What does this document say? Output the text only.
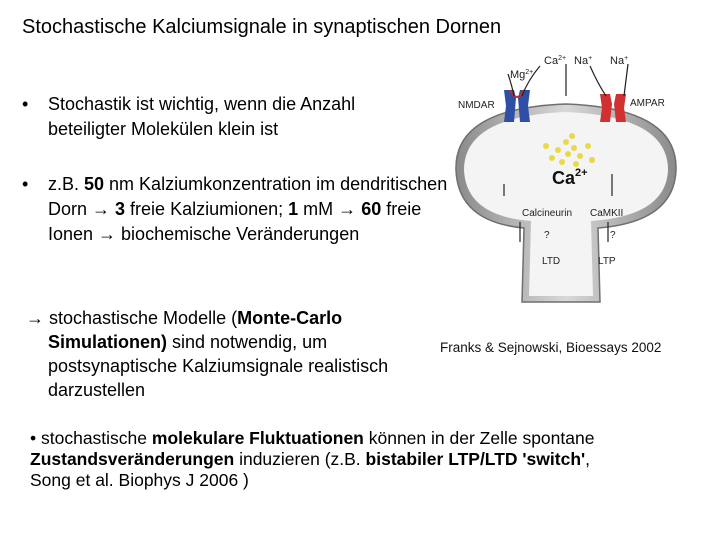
Stochastische Kalciumsignale in synaptischen Dornen
•	Stochastik ist wichtig, wenn die Anzahl beteiligter Molekülen klein ist
•	z.B. 50 nm Kalziumkonzentration im dendritischen Dorn → 3 freie Kalziumionen; 1 mM → 60 freie Ionen → biochemische Veränderungen
→ stochastische Modelle (Monte-Carlo
Simulationen) sind notwendig, um
postsynaptische Kalziumsignale realistisch
darzustellen
Franks & Sejnowski, Bioessays 2002
• stochastische molekulare Fluktuationen können in der Zelle spontane Zustandsveränderungen induzieren (z.B. bistabiler LTP/LTD 'switch', Song et al. Biophys J 2006 )
$Mg^{2+}$
$Ca^{2+}$ Na+ Na+
NMDAR	AMPAR
$Ca^{2+}$
Calcineurin CaMKII
?	?
LTD	LTP
